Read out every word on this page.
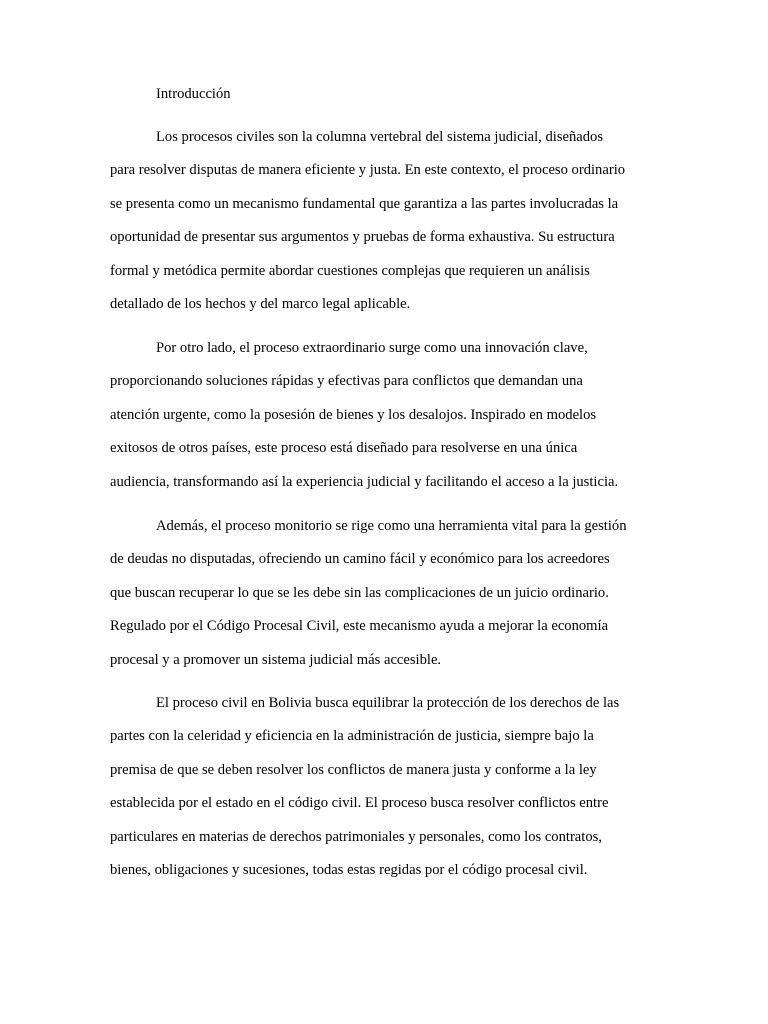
Introducción
Los procesos civiles son la columna vertebral del sistema judicial, diseñados
para resolver disputas de manera eficiente y justa. En este contexto, el proceso ordinario
se presenta como un mecanismo fundamental que garantiza a las partes involucradas la
oportunidad de presentar sus argumentos y pruebas de forma exhaustiva. Su estructura
formal y metódica permite abordar cuestiones complejas que requieren un análisis
detallado de los hechos y del marco legal aplicable.
Por otro lado, el proceso extraordinario surge como una innovación clave,
proporcionando soluciones rápidas y efectivas para conflictos que demandan una
atención urgente, como la posesión de bienes y los desalojos. Inspirado en modelos
exitosos de otros países, este proceso está diseñado para resolverse en una única
audiencia, transformando así la experiencia judicial y facilitando el acceso a la justicia.
Además, el proceso monitorio se rige como una herramienta vital para la gestión
de deudas no disputadas, ofreciendo un camino fácil y económico para los acreedores
que buscan recuperar lo que se les debe sin las complicaciones de un juicio ordinario.
Regulado por el Código Procesal Civil, este mecanismo ayuda a mejorar la economía
procesal y a promover un sistema judicial más accesible.
El proceso civil en Bolivia busca equilibrar la protección de los derechos de las
partes con la celeridad y eficiencia en la administración de justicia, siempre bajo la
premisa de que se deben resolver los conflictos de manera justa y conforme a la ley
establecida por el estado en el código civil. El proceso busca resolver conflictos entre
particulares en materias de derechos patrimoniales y personales, como los contratos,
bienes, obligaciones y sucesiones, todas estas regidas por el código procesal civil.
